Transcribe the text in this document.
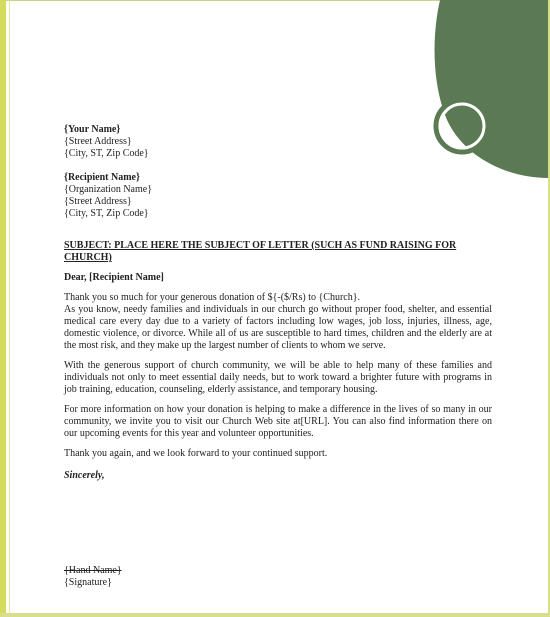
{Your Name}
{Street Address}
{City, ST, Zip Code}
{Recipient Name}
{Organization Name}
{Street Address}
{City, ST, Zip Code}
SUBJECT: PLACE HERE THE SUBJECT OF LETTER (SUCH AS FUND RAISING FOR CHURCH)
Dear, [Recipient Name]
Thank you so much for your generous donation of ${-($/Rs) to {Church}.
As you know, needy families and individuals in our church go without proper food, shelter, and essential medical care every day due to a variety of factors including low wages, job loss, injuries, illness, age, domestic violence, or divorce. While all of us are susceptible to hard times, children and the elderly are at the most risk, and they make up the largest number of clients to whom we serve.
With the generous support of church community, we will be able to help many of these families and individuals not only to meet essential daily needs, but to work toward a brighter future with programs in job training, education, counseling, elderly assistance, and temporary housing.
For more information on how your donation is helping to make a difference in the lives of so many in our community, we invite you to visit our Church Web site at[URL]. You can also find information there on our upcoming events for this year and volunteer opportunities.
Thank you again, and we look forward to your continued support.
Sincerely,
{Hand Name}
{Signature}
